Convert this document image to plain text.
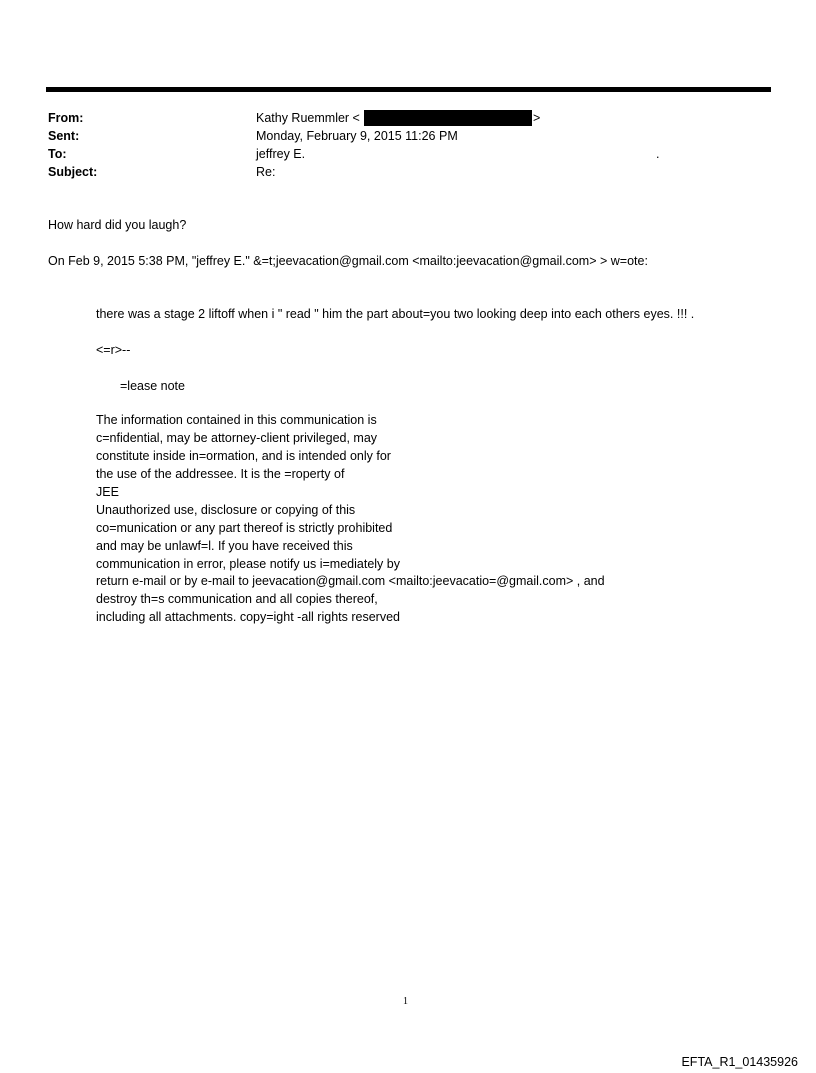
From:	Kathy Ruemmler <	>
Sent:	Monday, February 9, 2015 11:26 PM
To:	jeffrey E.	.
Subject:	Re:
How hard did you laugh?
On Feb 9, 2015 5:38 PM, "jeffrey E." &=t;jeevacation@gmail.com <mailto:jeevacation@gmail.com> > w=ote:
there was a stage 2 liftoff when i " read " him the part about=you two looking deep into each others eyes. !!! .
<=r>--
=lease note
The information contained in this communication is
c=nfidential, may be attorney-client privileged, may
constitute inside in=ormation, and is intended only for
the use of the addressee. It is the =roperty of
JEE
Unauthorized use, disclosure or copying of this
co=munication or any part thereof is strictly prohibited
and may be unlawf=l. If you have received this
communication in error, please notify us i=mediately by
return e-mail or by e-mail to jeevacation@gmail.com <mailto:jeevacatio=@gmail.com> , and
destroy th=s communication and all copies thereof,
including all attachments. copy=ight -all rights reserved
1
EFTA_R1_01435926
